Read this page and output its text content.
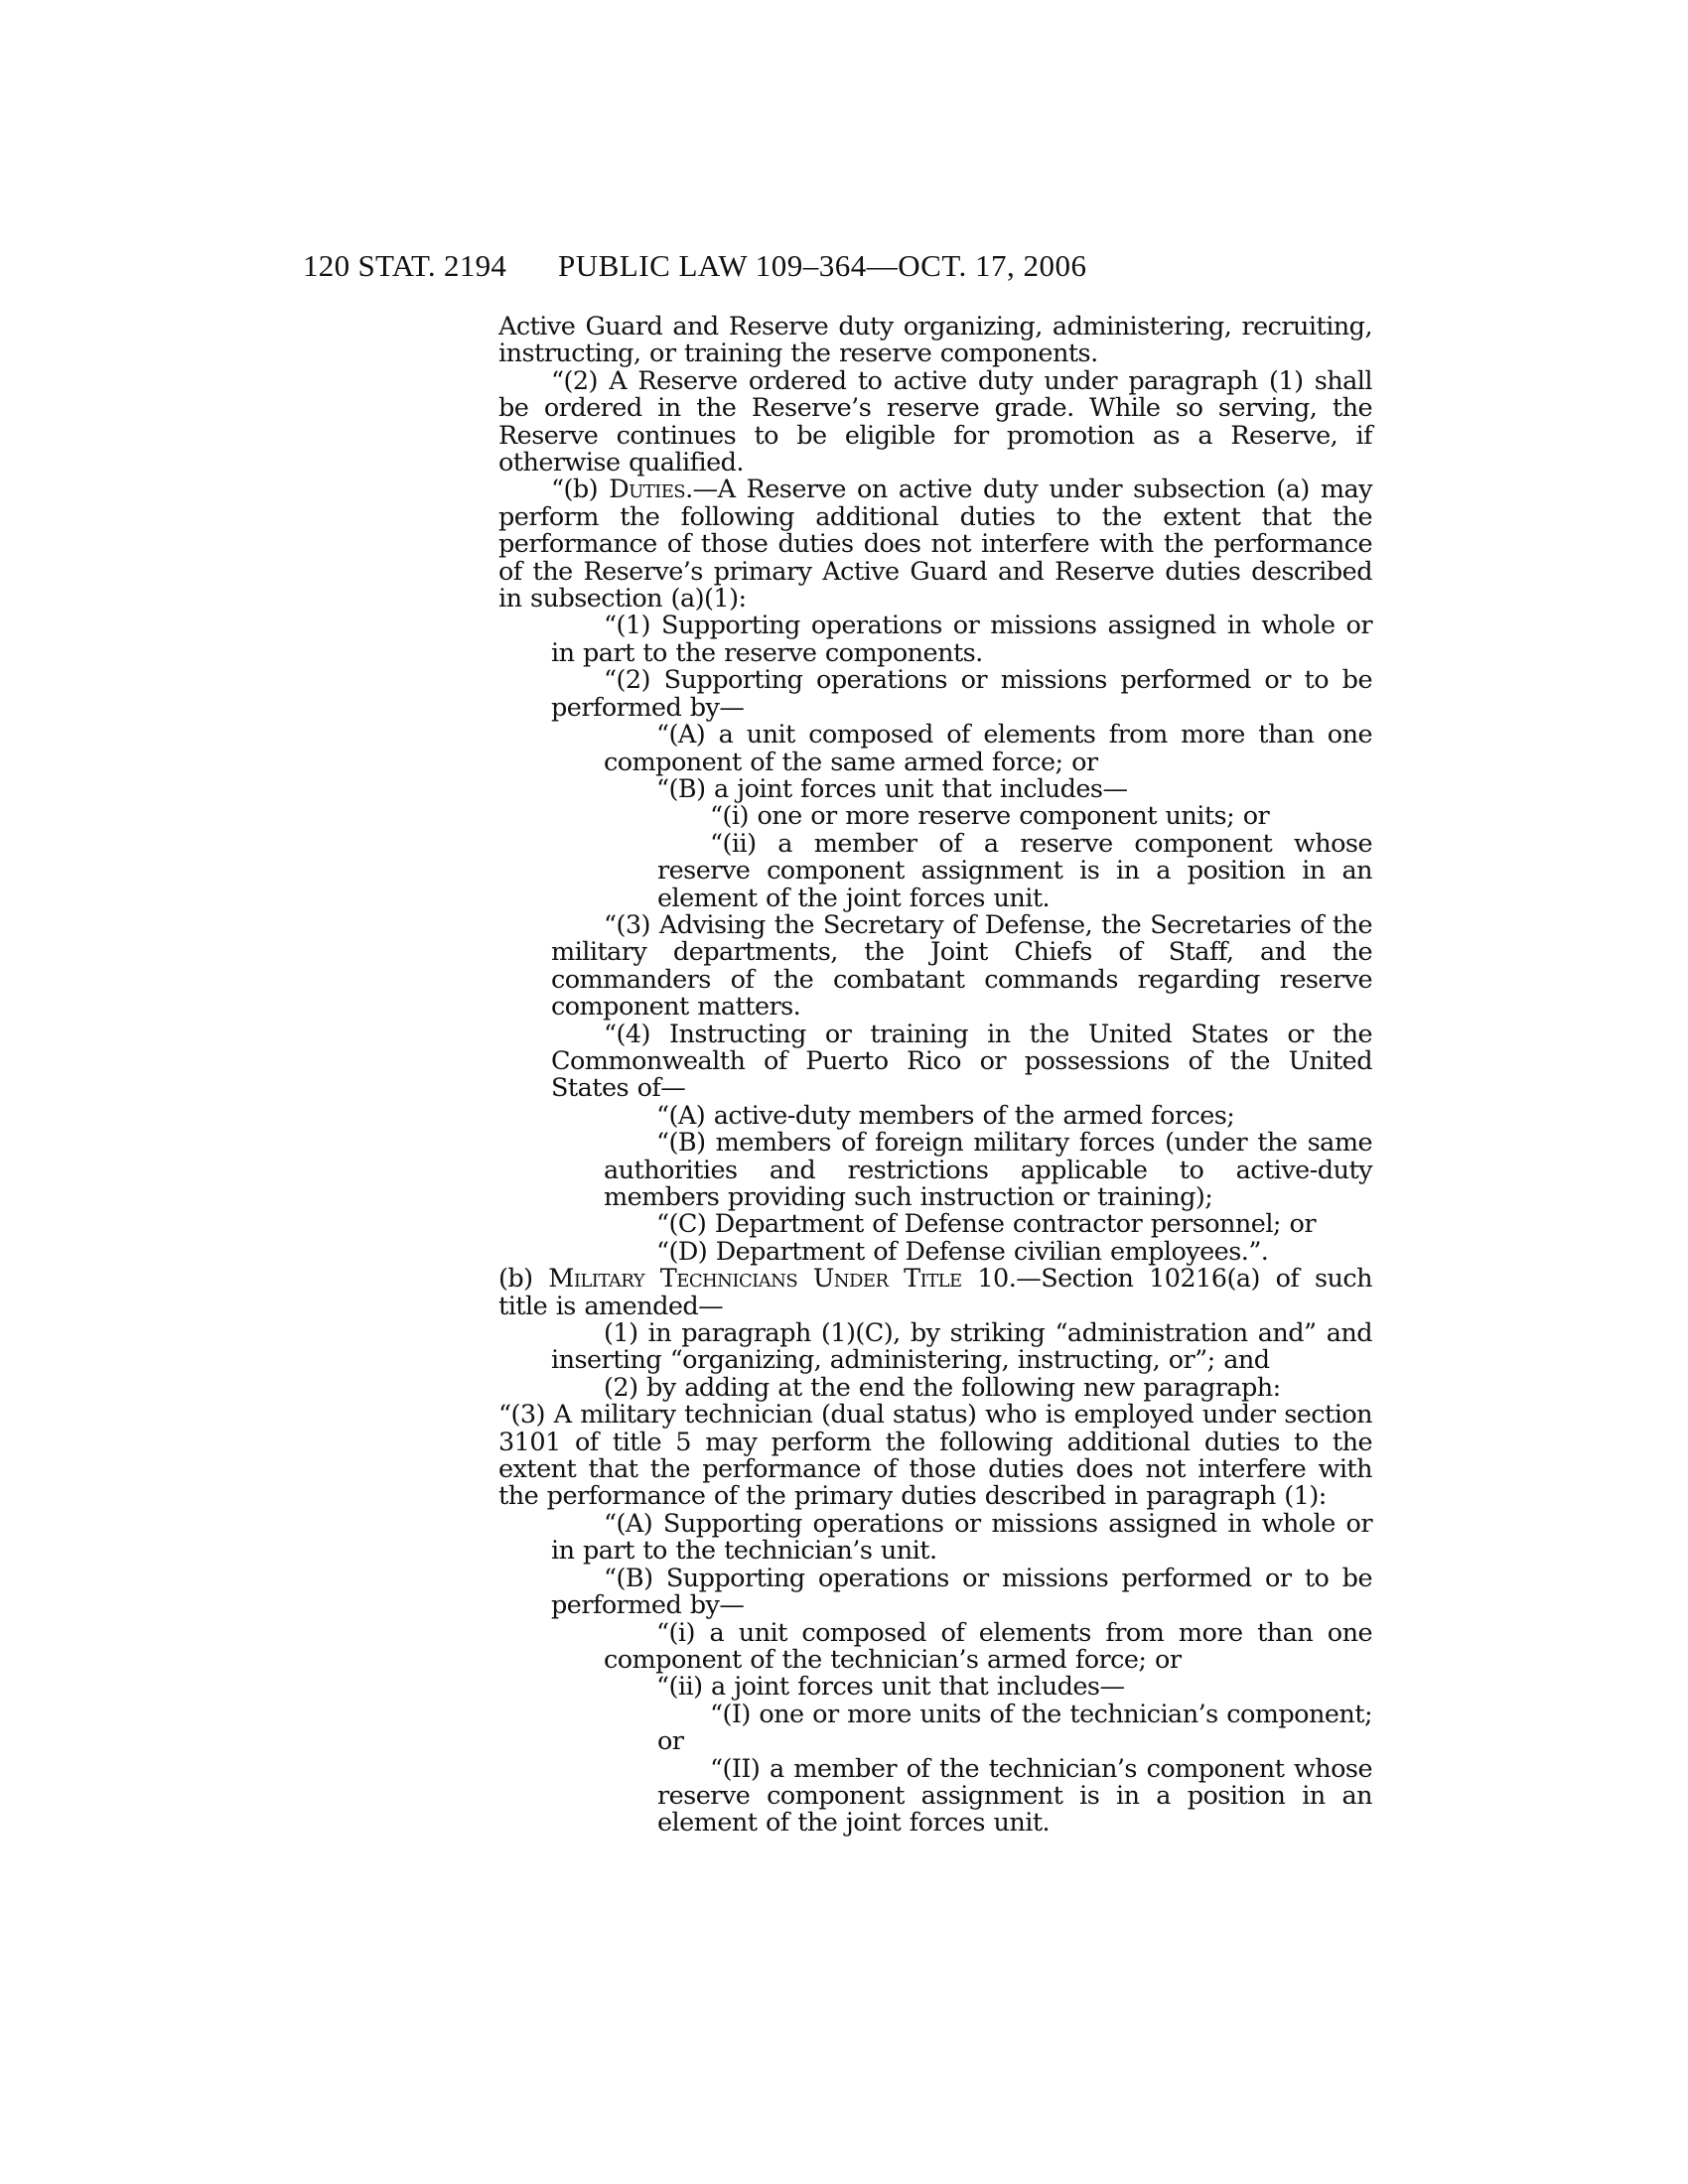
120 STAT. 2194 PUBLIC LAW 109–364—OCT. 17, 2006

Active Guard and Reserve duty organizing, administering, recruiting, instructing, or training the reserve components.

“(2) A Reserve ordered to active duty under paragraph (1) shall be ordered in the Reserve’s reserve grade. While so serving, the Reserve continues to be eligible for promotion as a Reserve, if otherwise qualified.

“(b) Duties.—A Reserve on active duty under subsection (a) may perform the following additional duties to the extent that the performance of those duties does not interfere with the performance of the Reserve’s primary Active Guard and Reserve duties described in subsection (a)(1):

“(1) Supporting operations or missions assigned in whole or in part to the reserve components.

“(2) Supporting operations or missions performed or to be performed by—

“(A) a unit composed of elements from more than one component of the same armed force; or

“(B) a joint forces unit that includes—

“(i) one or more reserve component units; or

“(ii) a member of a reserve component whose reserve component assignment is in a position in an element of the joint forces unit.

“(3) Advising the Secretary of Defense, the Secretaries of the military departments, the Joint Chiefs of Staff, and the commanders of the combatant commands regarding reserve component matters.

“(4) Instructing or training in the United States or the Commonwealth of Puerto Rico or possessions of the United States of—

“(A) active-duty members of the armed forces;

“(B) members of foreign military forces (under the same authorities and restrictions applicable to active-duty members providing such instruction or training);

“(C) Department of Defense contractor personnel; or

“(D) Department of Defense civilian employees.”.

(b) Military Technicians Under Title 10.—Section 10216(a) of such title is amended—

(1) in paragraph (1)(C), by striking “administration and” and inserting “organizing, administering, instructing, or”; and

(2) by adding at the end the following new paragraph:

“(3) A military technician (dual status) who is employed under section 3101 of title 5 may perform the following additional duties to the extent that the performance of those duties does not interfere with the performance of the primary duties described in paragraph (1):

“(A) Supporting operations or missions assigned in whole or in part to the technician’s unit.

“(B) Supporting operations or missions performed or to be performed by—

“(i) a unit composed of elements from more than one component of the technician’s armed force; or

“(ii) a joint forces unit that includes—

“(I) one or more units of the technician’s component; or

“(II) a member of the technician’s component whose reserve component assignment is in a position in an element of the joint forces unit.
